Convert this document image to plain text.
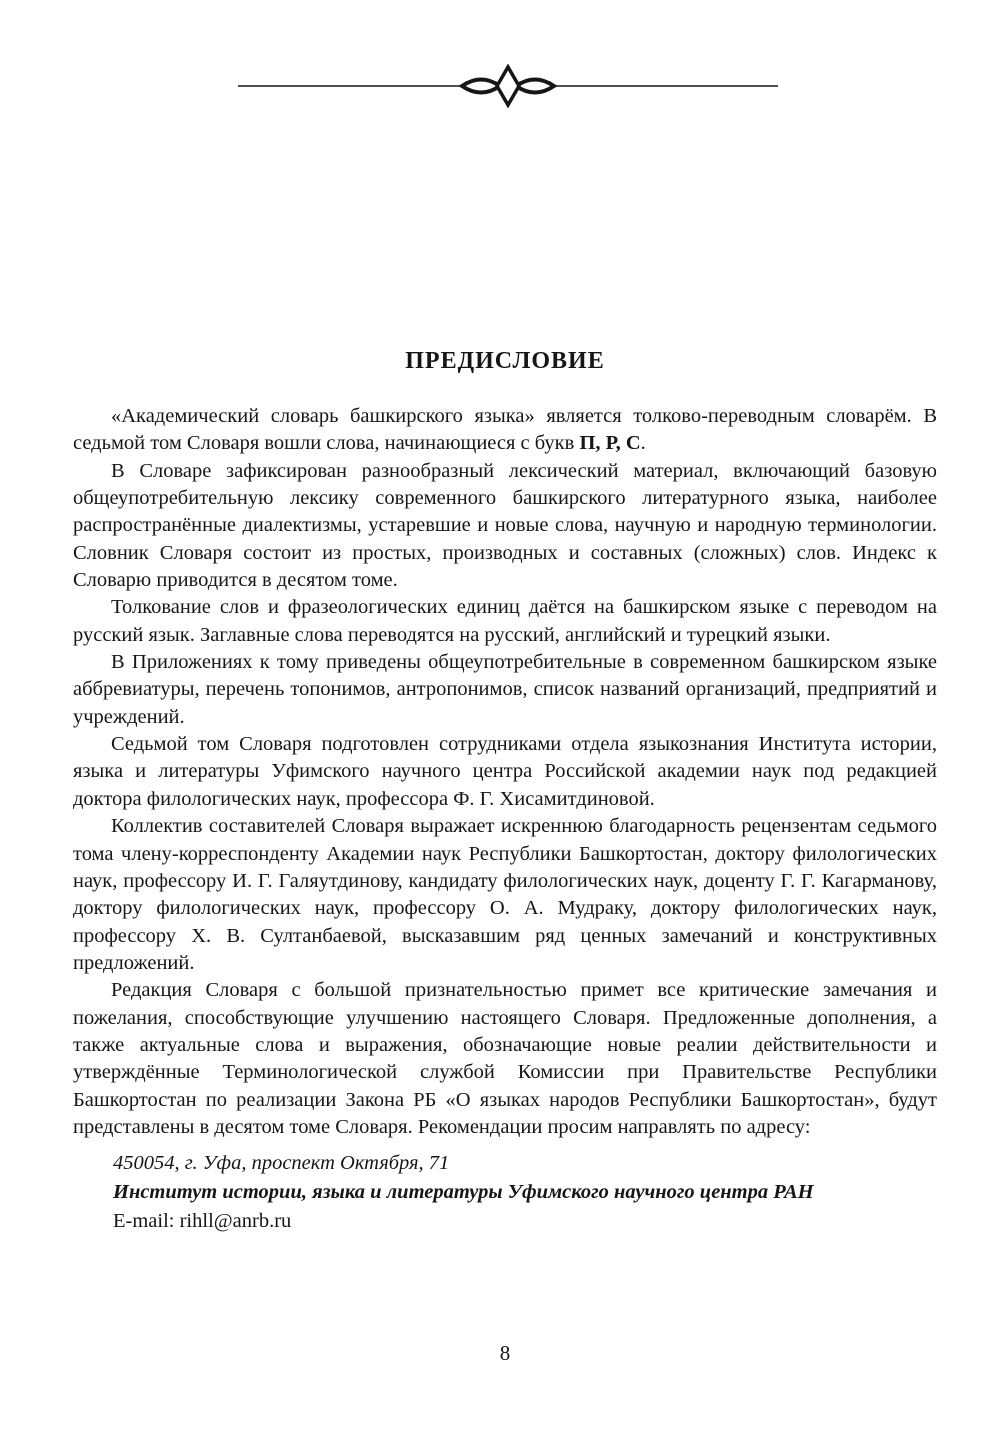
ПРЕДИСЛОВИЕ

«Академический словарь башкирского языка» является толково-переводным словарём. В седьмой том Словаря вошли слова, начинающиеся с букв П, Р, С.

В Словаре зафиксирован разнообразный лексический материал, включающий базовую общеупотребительную лексику современного башкирского литературного языка, наиболее распространённые диалектизмы, устаревшие и новые слова, научную и народную терминологии. Словник Словаря состоит из простых, производных и составных (сложных) слов. Индекс к Словарю приводится в десятом томе.

Толкование слов и фразеологических единиц даётся на башкирском языке с переводом на русский язык. Заглавные слова переводятся на русский, английский и турецкий языки.

В Приложениях к тому приведены общеупотребительные в современном башкирском языке аббревиатуры, перечень топонимов, антропонимов, список названий организаций, предприятий и учреждений.

Седьмой том Словаря подготовлен сотрудниками отдела языкознания Института истории, языка и литературы Уфимского научного центра Российской академии наук под редакцией доктора филологических наук, профессора Ф. Г. Хисамитдиновой.

Коллектив составителей Словаря выражает искреннюю благодарность рецензентам седьмого тома члену-корреспонденту Академии наук Республики Башкортостан, доктору филологических наук, профессору И. Г. Галяутдинову, кандидату филологических наук, доценту Г. Г. Кагарманову, доктору филологических наук, профессору О. А. Мудраку, доктору филологических наук, профессору Х. В. Султанбаевой, высказавшим ряд ценных замечаний и конструктивных предложений.

Редакция Словаря с большой признательностью примет все критические замечания и пожелания, способствующие улучшению настоящего Словаря. Предложенные дополнения, а также актуальные слова и выражения, обозначающие новые реалии действительности и утверждённые Терминологической службой Комиссии при Правительстве Республики Башкортостан по реализации Закона РБ «О языках народов Республики Башкортостан», будут представлены в десятом томе Словаря. Рекомендации просим направлять по адресу:

450054, г. Уфа, проспект Октября, 71
Институт истории, языка и литературы Уфимского научного центра РАН
E-mail: rihll@anrb.ru
8
